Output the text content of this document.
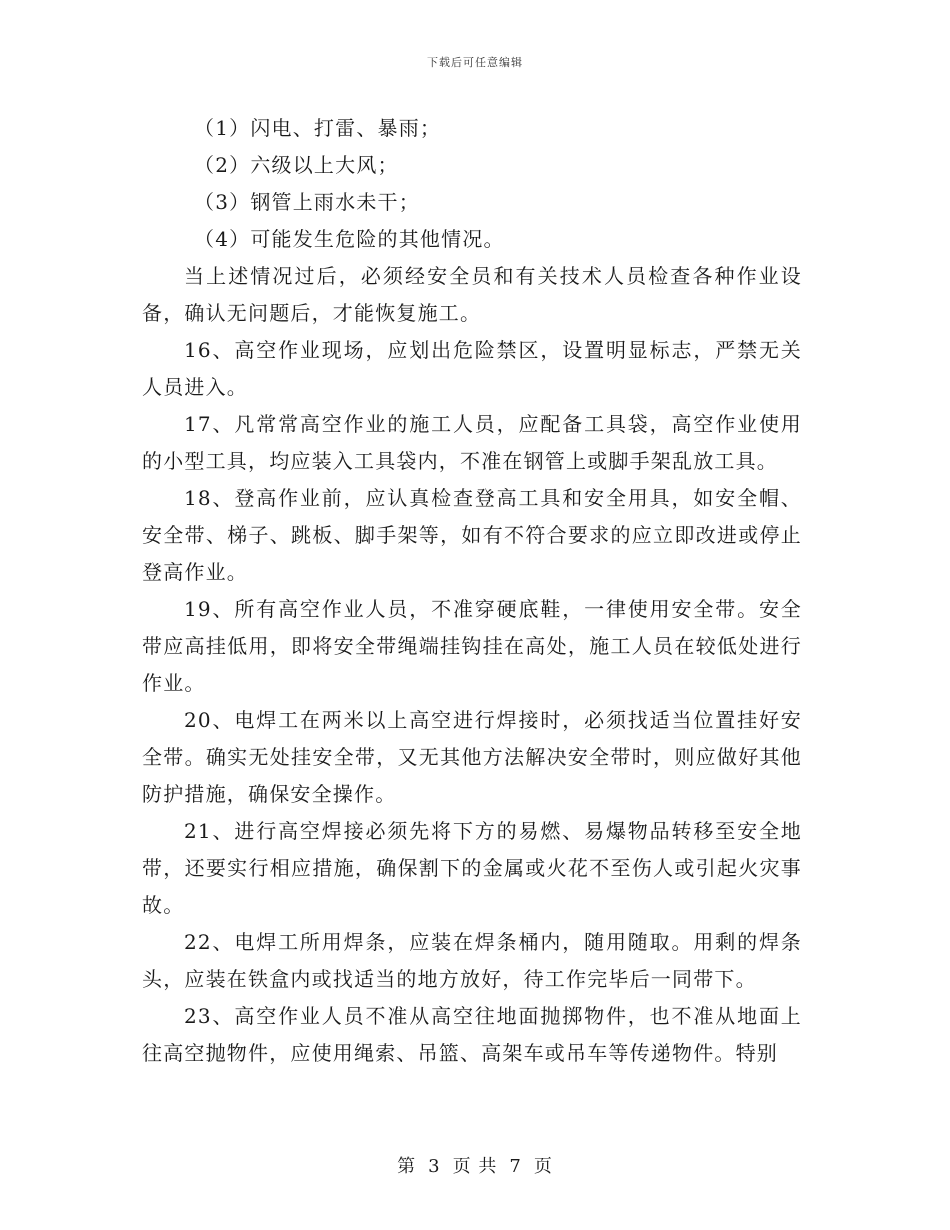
下载后可任意编辑

（1）闪电、打雷、暴雨；

（2）六级以上大风；

（3）钢管上雨水未干；

（4）可能发生危险的其他情况。

当上述情况过后，必须经安全员和有关技术人员检查各种作业设备，确认无问题后，才能恢复施工。

16、高空作业现场，应划出危险禁区，设置明显标志，严禁无关人员进入。

17、凡常常高空作业的施工人员，应配备工具袋，高空作业使用的小型工具，均应装入工具袋内，不准在钢管上或脚手架乱放工具。

18、登高作业前，应认真检查登高工具和安全用具，如安全帽、安全带、梯子、跳板、脚手架等，如有不符合要求的应立即改进或停止登高作业。

19、所有高空作业人员，不准穿硬底鞋，一律使用安全带。安全带应高挂低用，即将安全带绳端挂钩挂在高处，施工人员在较低处进行作业。

20、电焊工在两米以上高空进行焊接时，必须找适当位置挂好安全带。确实无处挂安全带，又无其他方法解决安全带时，则应做好其他防护措施，确保安全操作。

21、进行高空焊接必须先将下方的易燃、易爆物品转移至安全地带，还要实行相应措施，确保割下的金属或火花不至伤人或引起火灾事故。

22、电焊工所用焊条，应装在焊条桶内，随用随取。用剩的焊条头，应装在铁盒内或找适当的地方放好，待工作完毕后一同带下。

23、高空作业人员不准从高空往地面抛掷物件，也不准从地面上往高空抛物件，应使用绳索、吊篮、高架车或吊车等传递物件。特别

第 3 页 共 7 页
